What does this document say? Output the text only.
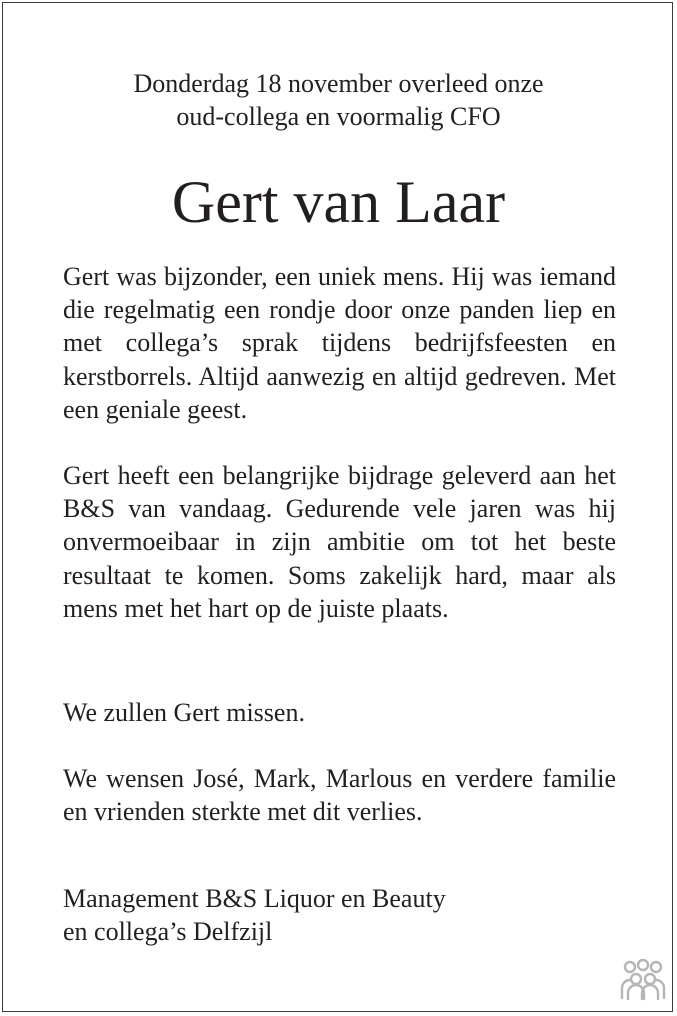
Donderdag 18 november overleed onze
oud-collega en voormalig CFO
Gert van Laar

Gert was bijzonder, een uniek mens. Hij was iemand die regelmatig een rondje door onze panden liep en met collega’s sprak tijdens bedrijfsfeesten en kerstborrels. Altijd aanwezig en altijd gedreven. Met een geniale geest.

Gert heeft een belangrijke bijdrage geleverd aan het B&S van vandaag. Gedurende vele jaren was hij onvermoeibaar in zijn ambitie om tot het beste resultaat te komen. Soms zakelijk hard, maar als mens met het hart op de juiste plaats.

We zullen Gert missen.

We wensen José, Mark, Marlous en verdere familie en vrienden sterkte met dit verlies.

Management B&S Liquor en Beauty
en collega’s Delfzijl
